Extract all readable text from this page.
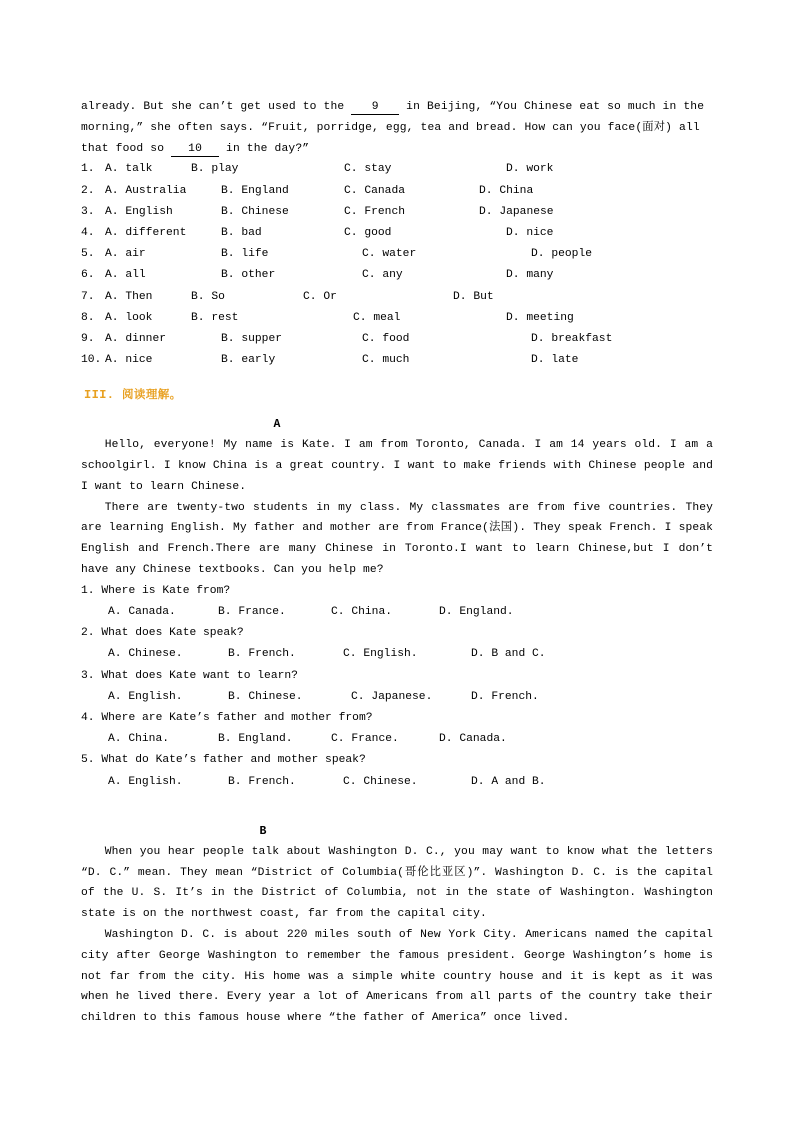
already. But she can’t get used to the 9 in Beijing, “You Chinese eat so much in the

morning,” she often says. “Fruit, porridge, egg, tea and bread. How can you face(面对) all

that food so 10 in the day?”

1. A. talk	B. play	C. stay	D. work
2. A. Australia	B. England	C. Canada	D. China
3. A. English	B. Chinese	C. French	D. Japanese
4. A. different	B. bad	C. good	D. nice
5. A. air	B. life	C. water	D. people
6. A. all	B. other	C. any	D. many
7. A. Then	B. So	C. Or	D. But
8. A. look	B. rest	C. meal	D. meeting
9. A. dinner	B. supper	C. food	D. breakfast
10. A. nice	B. early	C. much	D. late
III. 阅读理解。
A

Hello, everyone! My name is Kate. I am from Toronto, Canada. I am 14 years old. I am a schoolgirl. I know China is a great country. I want to make friends with Chinese people and I want to learn Chinese.

There are twenty-two students in my class. My classmates are from five countries. They are learning English. My father and mother are from France(法国). They speak French. I speak English and French.There are many Chinese in Toronto.I want to learn Chinese,but I don’t have any Chinese textbooks. Can you help me?

1. Where is Kate from?

A. Canada.	B. France.	C. China.	D. England.

2. What does Kate speak?

A. Chinese.	B. French.	C. English.	D. B and C.

3. What does Kate want to learn?

A. English.	B. Chinese.	C. Japanese.	D. French.

4. Where are Kate’s father and mother from?

A. China.	B. England.	C. France.	D. Canada.

5. What do Kate’s father and mother speak?

A. English.	B. French.	C. Chinese.	D. A and B.
B

When you hear people talk about Washington D. C., you may want to know what the letters “D. C.” mean. They mean “District of Columbia(哥伦比亚区)”. Washington D. C. is the capital of the U. S. It’s in the District of Columbia, not in the state of Washington. Washington state is on the northwest coast, far from the capital city.

Washington D. C. is about 220 miles south of New York City. Americans named the capital city after George Washington to remember the famous president. George Washington’s home is not far from the city. His home was a simple white country house and it is kept as it was when he lived there. Every year a lot of Americans from all parts of the country take their children to this famous house where “the father of America” once lived.
